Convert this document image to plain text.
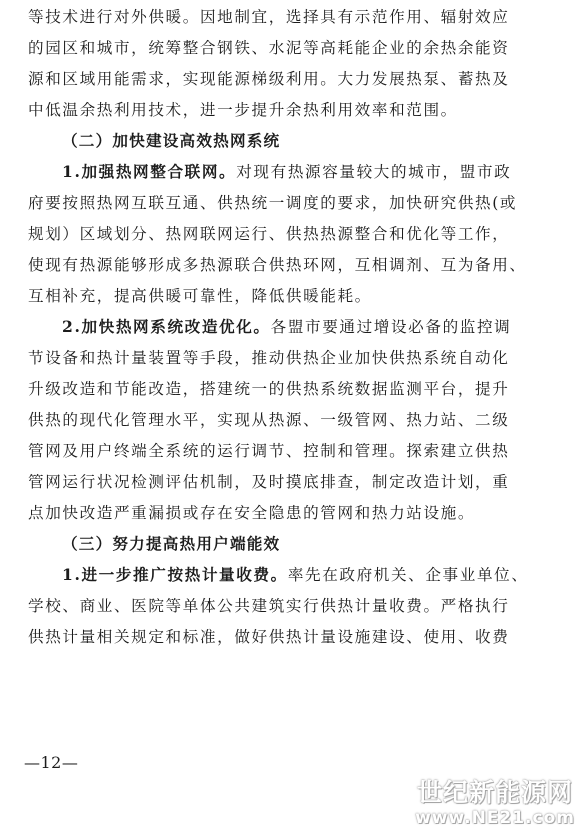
等技术进行对外供暖。因地制宜，选择具有示范作用、辐射效应
的园区和城市，统筹整合钢铁、水泥等高耗能企业的余热余能资
源和区域用能需求，实现能源梯级利用。大力发展热泵、蓄热及
中低温余热利用技术，进一步提升余热利用效率和范围。
（二）加快建设高效热网系统
1.加强热网整合联网。对现有热源容量较大的城市，盟市政
府要按照热网互联互通、供热统一调度的要求，加快研究供热(或
规划）区域划分、热网联网运行、供热热源整合和优化等工作，
使现有热源能够形成多热源联合供热环网，互相调剂、互为备用、
互相补充，提高供暖可靠性，降低供暖能耗。
2.加快热网系统改造优化。各盟市要通过增设必备的监控调
节设备和热计量装置等手段，推动供热企业加快供热系统自动化
升级改造和节能改造，搭建统一的供热系统数据监测平台，提升
供热的现代化管理水平，实现从热源、一级管网、热力站、二级
管网及用户终端全系统的运行调节、控制和管理。探索建立供热
管网运行状况检测评估机制，及时摸底排查，制定改造计划，重
点加快改造严重漏损或存在安全隐患的管网和热力站设施。
（三）努力提高热用户端能效
1.进一步推广按热计量收费。率先在政府机关、企事业单位、
学校、商业、医院等单体公共建筑实行供热计量收费。严格执行
供热计量相关规定和标准，做好供热计量设施建设、使用、收费
—12—
世纪新能源网
www.NE21.com
